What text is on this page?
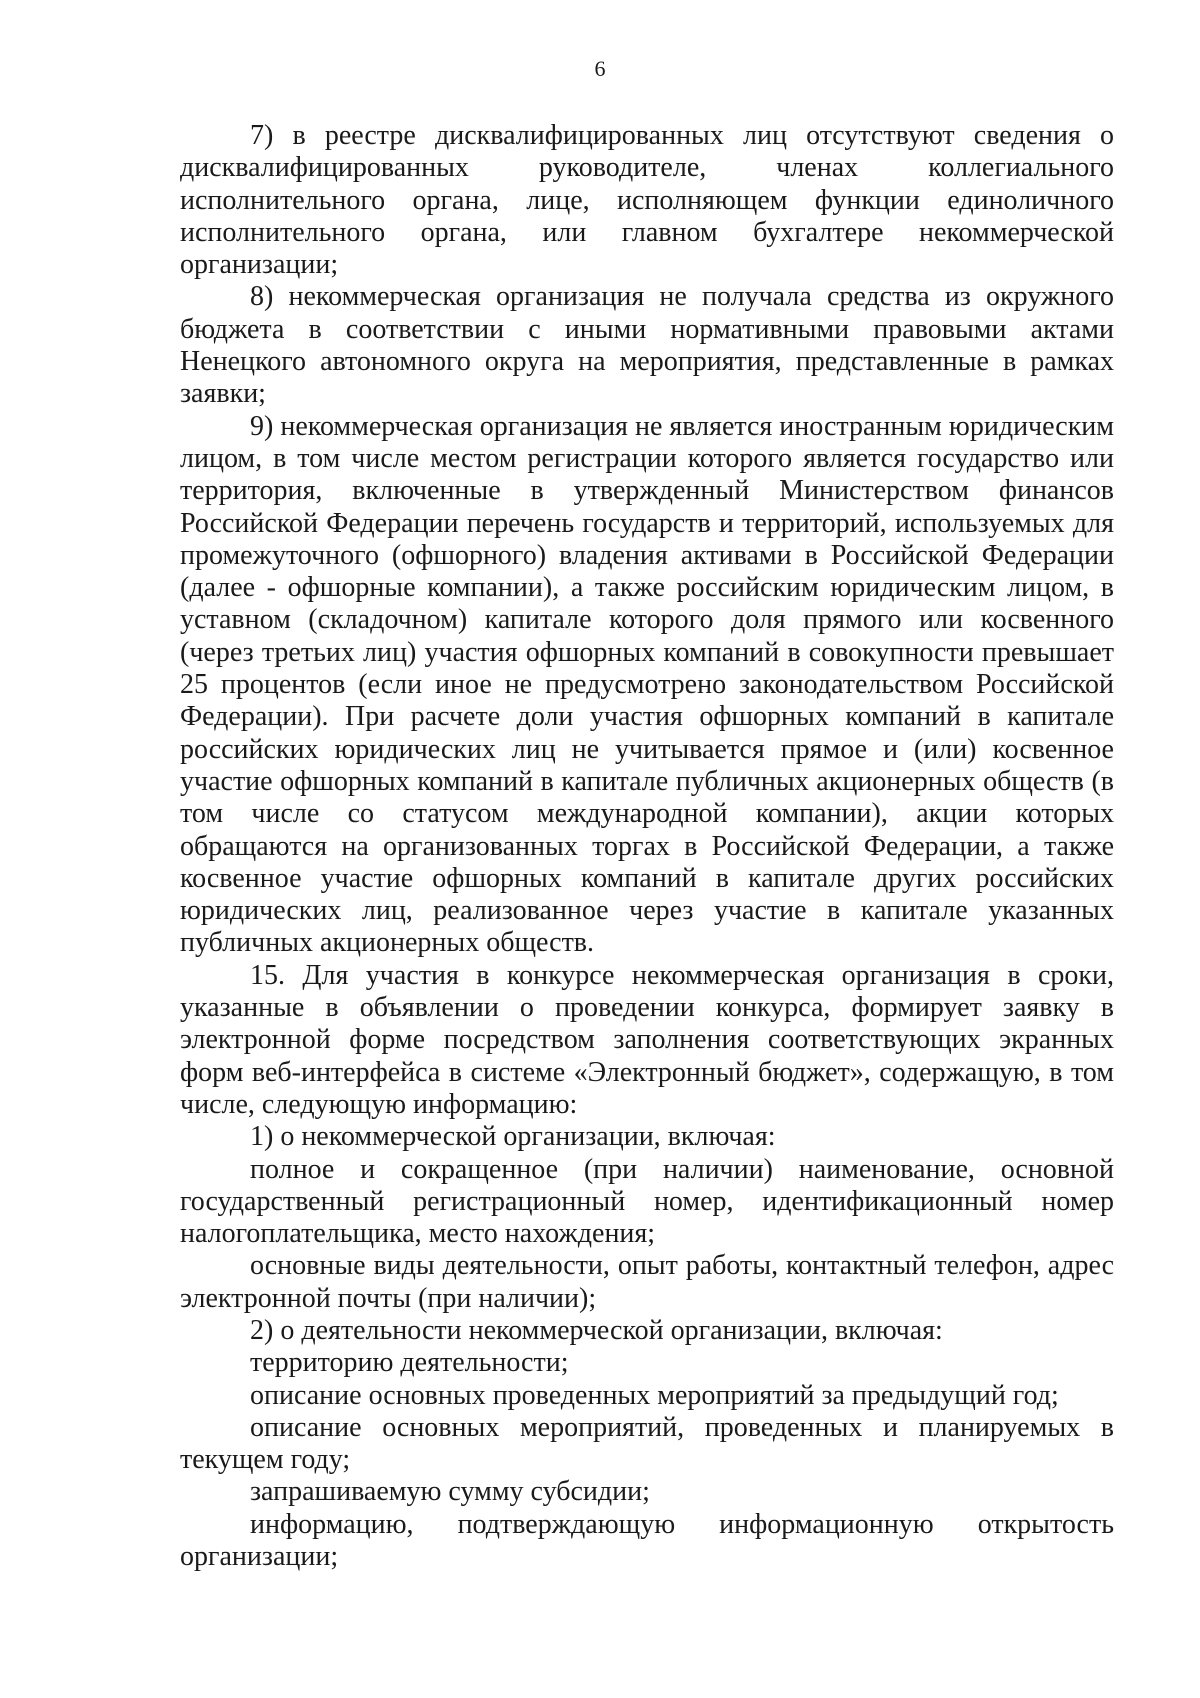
6

7) в реестре дисквалифицированных лиц отсутствуют сведения о дисквалифицированных руководителе, членах коллегиального исполнительного органа, лице, исполняющем функции единоличного исполнительного органа, или главном бухгалтере некоммерческой организации;

8) некоммерческая организация не получала средства из окружного бюджета в соответствии с иными нормативными правовыми актами Ненецкого автономного округа на мероприятия, представленные в рамках заявки;

9) некоммерческая организация не является иностранным юридическим лицом, в том числе местом регистрации которого является государство или территория, включенные в утвержденный Министерством финансов Российской Федерации перечень государств и территорий, используемых для промежуточного (офшорного) владения активами в Российской Федерации (далее - офшорные компании), а также российским юридическим лицом, в уставном (складочном) капитале которого доля прямого или косвенного (через третьих лиц) участия офшорных компаний в совокупности превышает 25 процентов (если иное не предусмотрено законодательством Российской Федерации). При расчете доли участия офшорных компаний в капитале российских юридических лиц не учитывается прямое и (или) косвенное участие офшорных компаний в капитале публичных акционерных обществ (в том числе со статусом международной компании), акции которых обращаются на организованных торгах в Российской Федерации, а также косвенное участие офшорных компаний в капитале других российских юридических лиц, реализованное через участие в капитале указанных публичных акционерных обществ.

15. Для участия в конкурсе некоммерческая организация в сроки, указанные в объявлении о проведении конкурса, формирует заявку в электронной форме посредством заполнения соответствующих экранных форм веб-интерфейса в системе «Электронный бюджет», содержащую, в том числе, следующую информацию:

1) о некоммерческой организации, включая:

полное и сокращенное (при наличии) наименование, основной государственный регистрационный номер, идентификационный номер налогоплательщика, место нахождения;

основные виды деятельности, опыт работы, контактный телефон, адрес электронной почты (при наличии);

2) о деятельности некоммерческой организации, включая:

территорию деятельности;

описание основных проведенных мероприятий за предыдущий год;

описание основных мероприятий, проведенных и планируемых в текущем году;

запрашиваемую сумму субсидии;

информацию, подтверждающую информационную открытость организации;
